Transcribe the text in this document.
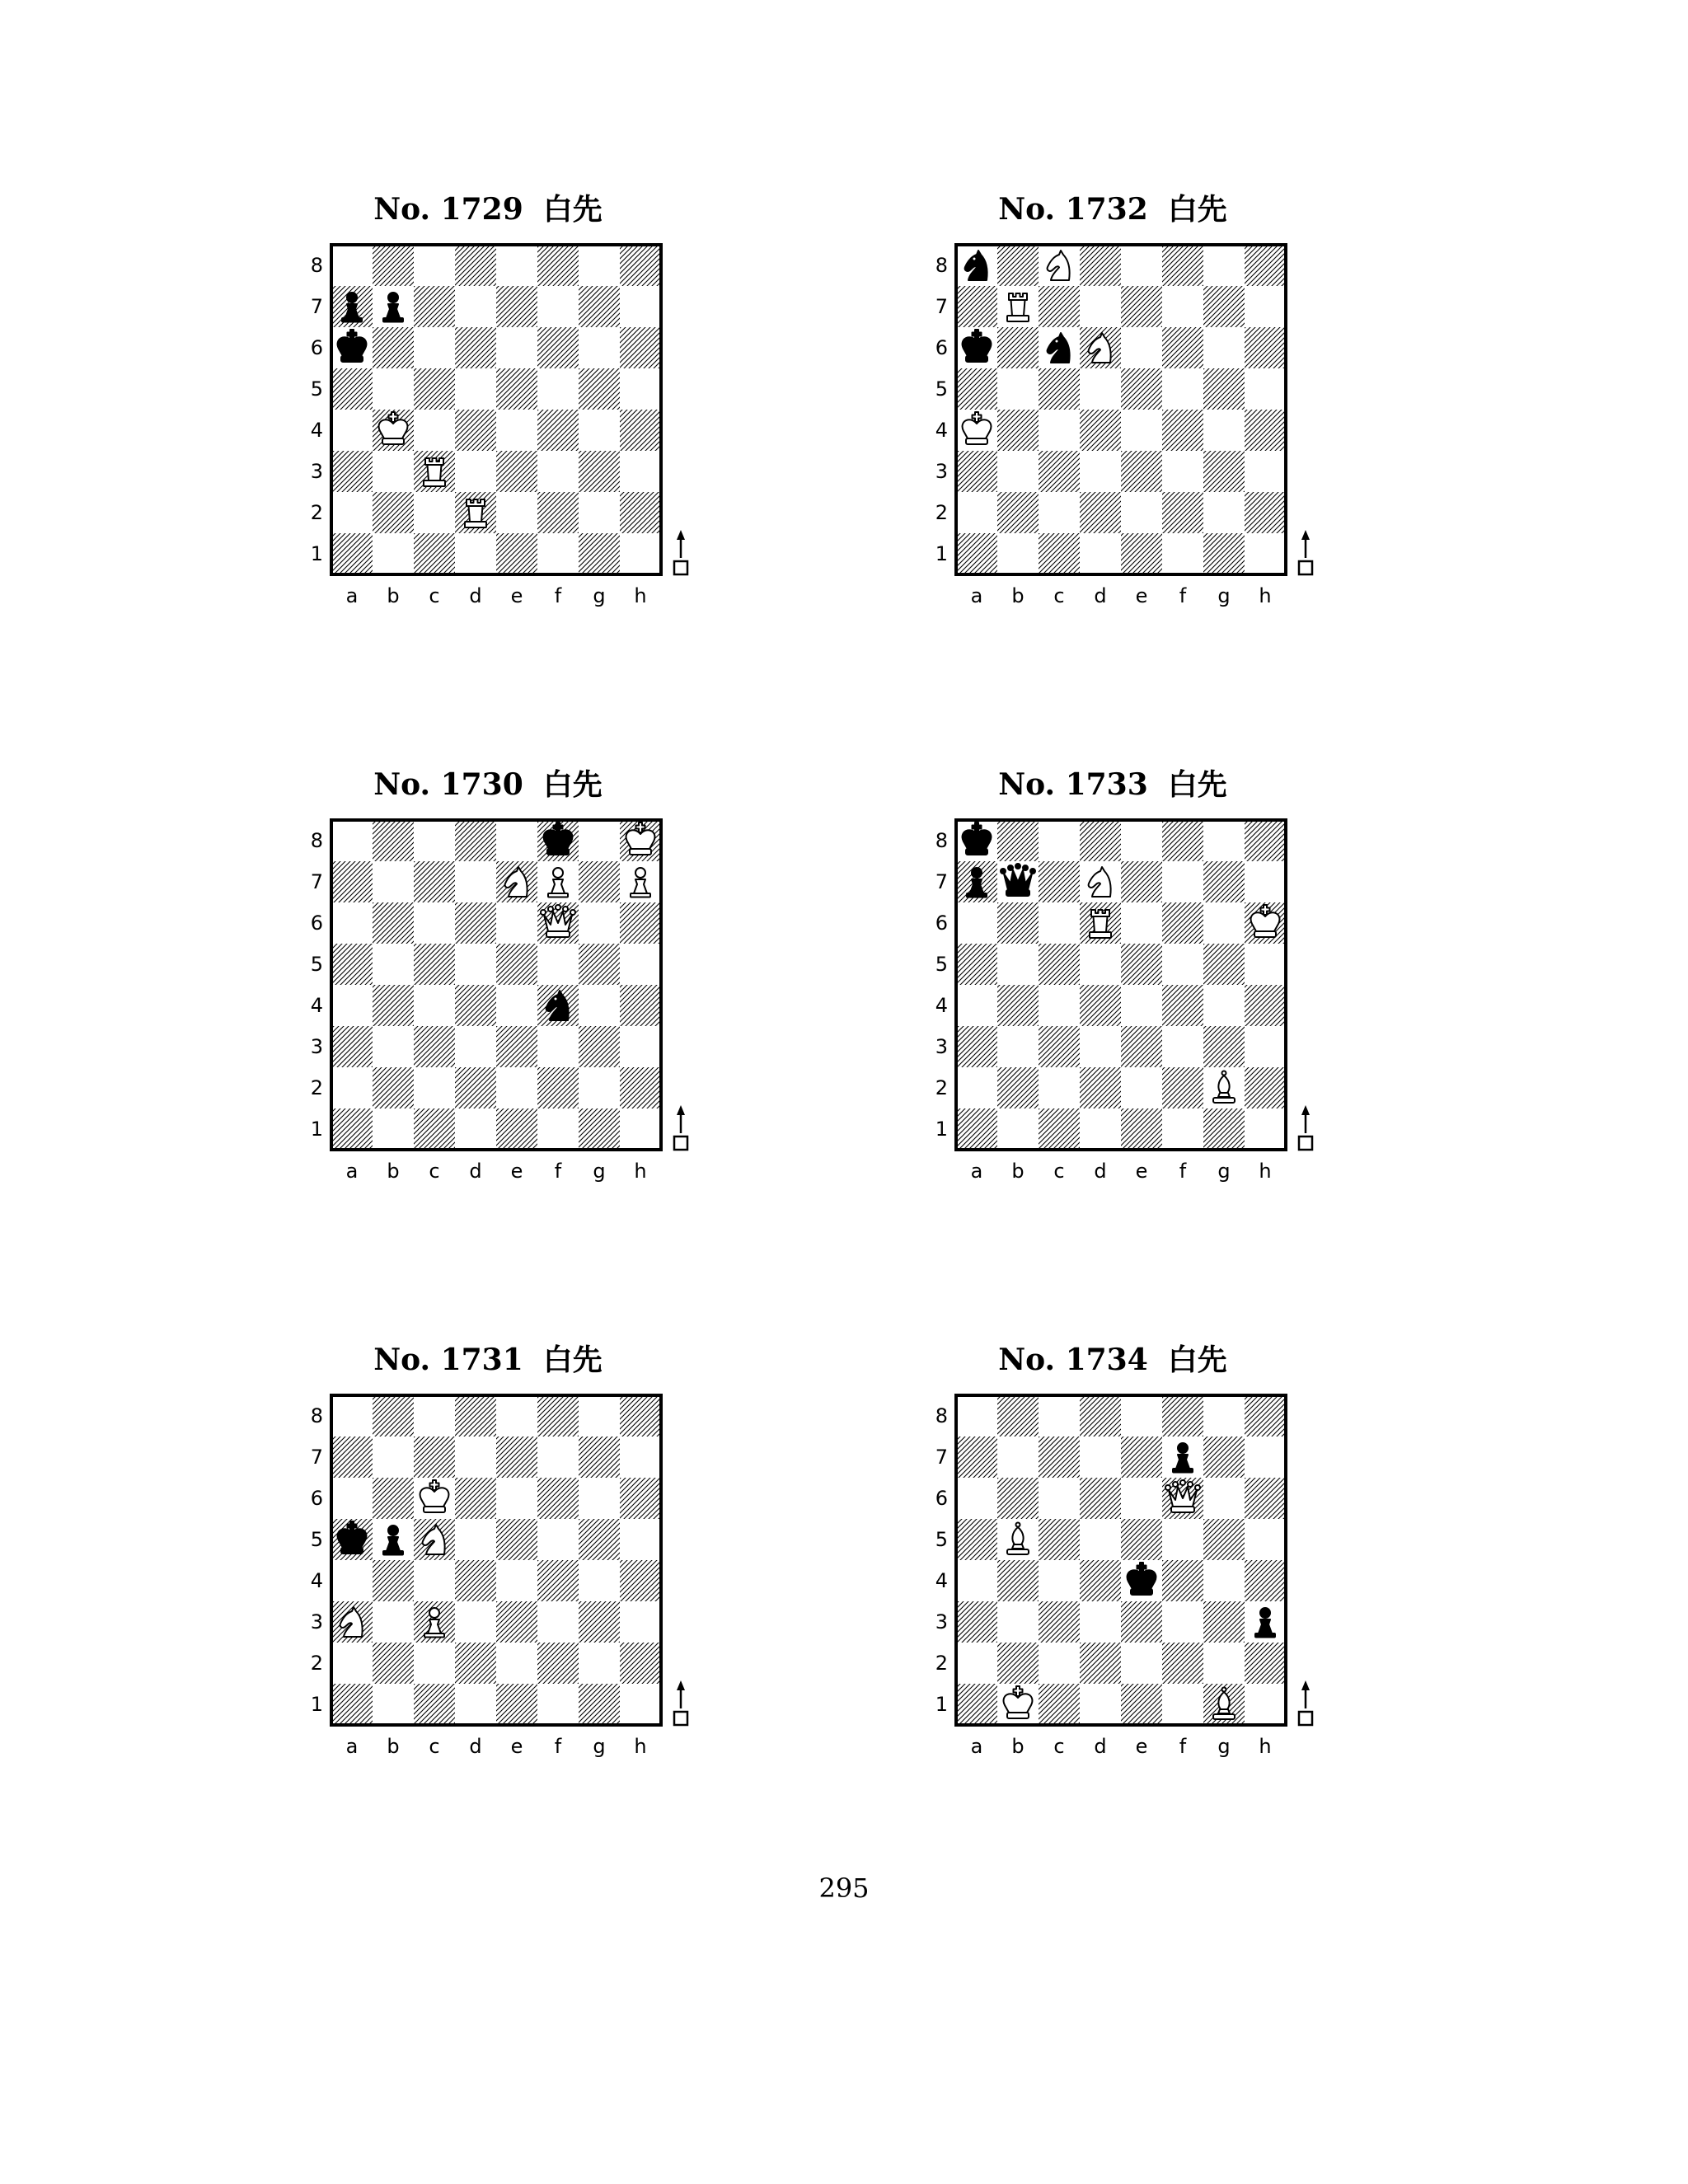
No. 1729 白先
8
7
6
5
4
3
2
1
a b c d e f g h
No. 1732 白先
8
7
6
5
4
3
2
1
a b c d e f g h
No. 1730 白先
8
7
6
5
4
3
2
1
a b c d e f g h
No. 1733 白先
8
7
6
5
4
3
2
1
a b c d e f g h
No. 1731 白先
8
7
6
5
4
3
2
1
a b c d e f g h
No. 1734 白先
8
7
6
5
4
3
2
1
a b c d e f g h
295
